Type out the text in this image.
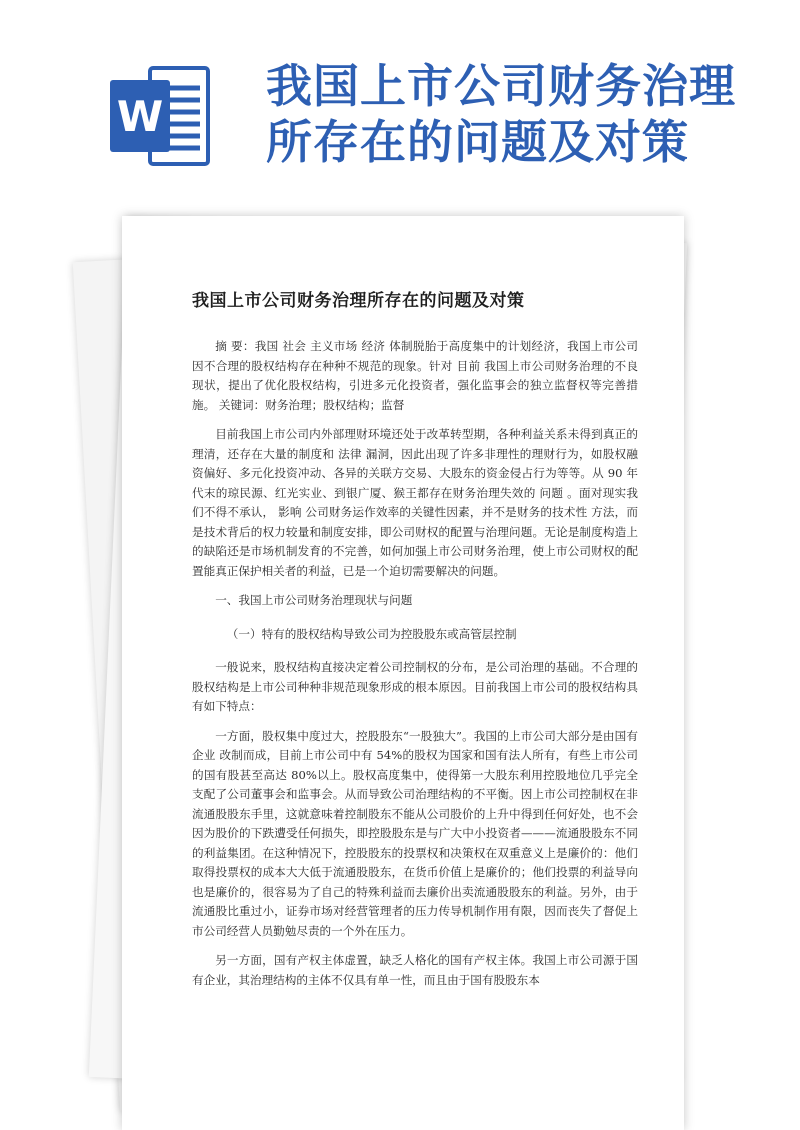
W
我国上市公司财务治理
所存在的问题及对策
我国上市公司财务治理所存在的问题及对策

摘 要：我国 社会 主义市场 经济 体制脱胎于高度集中的计划经济，我国上市公司因不合理的股权结构存在种种不规范的现象。针对 目前 我国上市公司财务治理的不良现状，提出了优化股权结构，引进多元化投资者，强化监事会的独立监督权等完善措施。 关键词：财务治理；股权结构；监督

目前我国上市公司内外部理财环境还处于改革转型期，各种利益关系未得到真正的理清，还存在大量的制度和 法律 漏洞，因此出现了许多非理性的理财行为，如股权融资偏好、多元化投资冲动、各异的关联方交易、大股东的资金侵占行为等等。从 90 年代末的琼民源、红光实业、到银广厦、猴王都存在财务治理失效的 问题 。面对现实我们不得不承认， 影响 公司财务运作效率的关键性因素，并不是财务的技术性 方法，而是技术背后的权力较量和制度安排，即公司财权的配置与治理问题。无论是制度构造上的缺陷还是市场机制发育的不完善，如何加强上市公司财务治理，使上市公司财权的配置能真正保护相关者的利益，已是一个迫切需要解决的问题。

一、我国上市公司财务治理现状与问题

（一）特有的股权结构导致公司为控股股东或高管层控制

一般说来，股权结构直接决定着公司控制权的分布，是公司治理的基础。不合理的股权结构是上市公司种种非规范现象形成的根本原因。目前我国上市公司的股权结构具有如下特点：

一方面，股权集中度过大，控股股东“一股独大”。我国的上市公司大部分是由国有 企业 改制而成，目前上市公司中有 54%的股权为国家和国有法人所有，有些上市公司的国有股甚至高达 80%以上。股权高度集中，使得第一大股东利用控股地位几乎完全支配了公司董事会和监事会。从而导致公司治理结构的不平衡。因上市公司控制权在非流通股股东手里，这就意味着控制股东不能从公司股价的上升中得到任何好处，也不会因为股价的下跌遭受任何损失，即控股股东是与广大中小投资者———流通股股东不同的利益集团。在这种情况下，控股股东的投票权和决策权在双重意义上是廉价的：他们取得投票权的成本大大低于流通股股东，在货币价值上是廉价的；他们投票的利益导向也是廉价的，很容易为了自己的特殊利益而去廉价出卖流通股股东的利益。另外，由于流通股比重过小，证券市场对经营管理者的压力传导机制作用有限，因而丧失了督促上市公司经营人员勤勉尽责的一个外在压力。

另一方面，国有产权主体虚置，缺乏人格化的国有产权主体。我国上市公司源于国有企业，其治理结构的主体不仅具有单一性，而且由于国有股股东本
